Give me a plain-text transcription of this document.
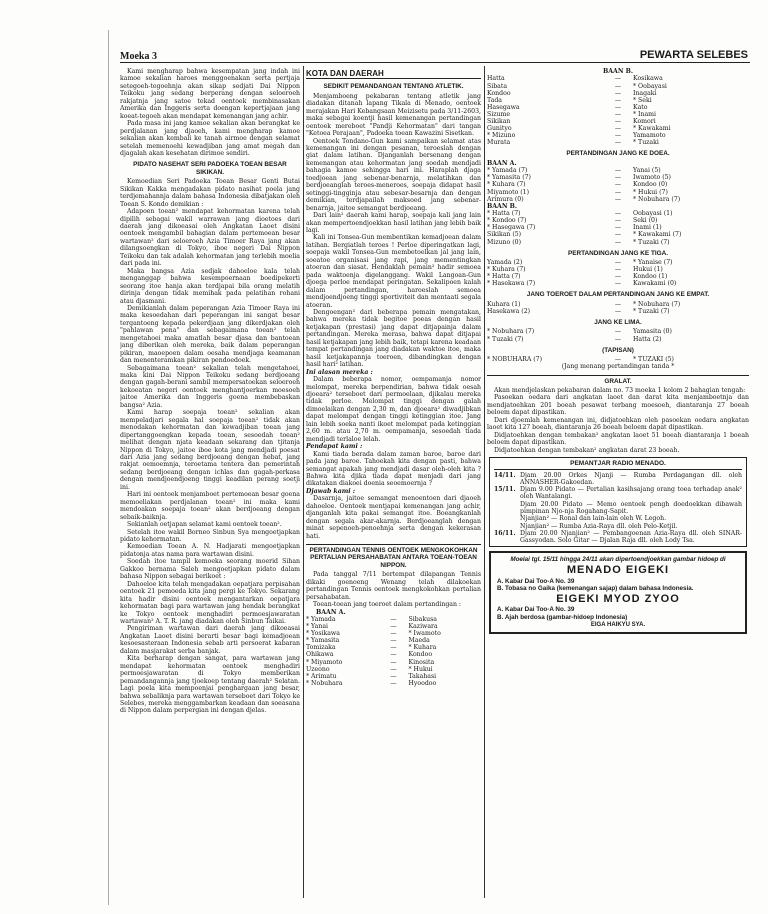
Moeka 3	PEWARTA SELEBES

Kami mengharap bahwa kesempatan jang indah ini kamoe sekalian haroes menggoenakan serta pertjaja setegoeh-tegoehnja akan sikap sedjati Dai Nippon Teikoku jang sedang berperang dengan seloeroeh rakjatnja jang satoe tekad oentoek membinasakan Amerika dan Inggeris serta doengan kepertjajaan jang koeat-tegoeh akan mendapat kemenangan jang achir.

Pada masa ini jang kamoe sekalian akan berangkat ke perdjalanan jang djaoeh, kami mengharap kamoe sekalian akan kembali ke tanah airmoe dengan selamat setelah memenoehi kewadjiban jang amat megah dan djagalah akan kesehatan dirimoe sendiri.

PIDATO NASEHAT SERI PADOEKA TOEAN BESAR SIKIKAN.

Kemoedian Seri Padoeka Toean Besar Genti Butai Sikikan Kakka mengadakan pidato nasihat poela jang terdjemahannja dalam bahasa Indonesia dibatjakan oleh Toean S. Kondo demikian :

Adapoen toean² mendapat kehormatan karena telah dipilih sebagai wakil warrawan jang dioetoes dari daerah jang dikoeasai oleh Angkatan Laoet disini oentoek mengambil bahagian dalam pertemoean besar wartawan² dari seloeroeh Azia Timoer Raya jang akan dilangsoengkan di Tokyo, iboe negeri Dai Nippon Teikoku dan tak adalah kehormatan jang terlebih moelia dari pada ini.

Maka bangsa Azia sedjak dahoeloe kala telah menganggap bahwa kesempoernaan boedipekerti seorang itoe hanja akan terdjapai bila orang melatih dirinja dengan tidak memihak pada pelatihan rohani atau djasmani.

Demikianlah dalam peperangan Azia Timoer Raya ini maka kesoedahan dari peperangan ini sangat besar tergantoeng kepada pekerdjaan jang dikerdjakan oleh "pahlawan pena" dan sebagaimana toean² telah mengetahoei maka amatlah besar djasa dan bantoean jang diberikan oleh mereka, baik dalam peperangan pikiran, maoepoen dalam oesaha mendjaga keamanan dan menenteramkan pikiran pendoedoek.

Sebagaimana toean² sekalian telah mengetahoei, maka kini Dai Nippon Teikoku sedang berdjoeang dengan gagah-berani sambil mempersatoekan seloeroeh kekoeatan negeri oentoek menghantjoerkan moesoeh jaitoe Amerika dan Inggeris goena membebaskan bangsa² Azia.

Kami harap soepaja toean² sekalian akan mempeladjari segala hal soepaja toean² tidak akan menodakan kehormatan dan kewadjiban toean jang dipertanggoengkan kepada toean, sesoedah toean² melihat dengan njata keadaan sekarang dan tjitanja Nippon di Tokyo, jaitoe iboe kota jang mendjadi poesat dari Azia jang sedang berdjoeang dengan hebat, jang rakjat oemoemnja, teroetama tentera dan pemerintah sedang berdjoeang dengan ichlas dan gagah-perkasa dengan mendjoendjoeng tinggi keadilan perang soetji ini.

Hari ini oentoek menjamboet pertemoean besar goena memoeliakan perdjalanan toean² ini maka kami mendoakan soepaja toean² akan berdjoeang dengan sebaik-baiknja.

Sekianlah oetjapan selamat kami oentoek toean².

Setelah itoe wakil Borneo Sinbun Sya mengoetjapkan pidato kehormatan.

Kemoedian Toean A. N. Hadjarati mengoetjapkan pidatonja atas nama para wartawan disini.

Soedah itoe tampil kemoeka seorang moerid Sihan Gakkoo bernama Saleh mengoetjapkan pidato dalam bahasa Nippon sebagai berikoet :

Dahoeloe kita telah mengadakan oepatjara perpisahan oentoek 21 pemoeda kita jang pergi ke Tokyo. Sekarang kita hadir disini oentoek mengantarkan oepatjara kehormatan bagi para wartawan jang hendak berangkat ke Tokyo oentoek menghadiri permoesjawaratan wartawan² A. T. R. jang diadakan oleh Sinbun Taikai.

Pengiriman wartawan dari daerah jang dikoeasai Angkatan Laoet disini berarti besar bagi kemadjoean kesoesasteraan Indonesia sebab arti persoerat kabaran dalam masjarakat serba banjak.

Kita berharap dengan sangat, para wartawan jang mendapat kehormatan oentoek menghadiri permoesjawaratan di Tokyo memberikan pemandangannja jang tjoekoep tentang daerah² Selatan. Lagi poela kita mempoenjai penghargaan jang besar, bahwa sebaliknja para wartawan tersebоet dari Tokyo ke Selebes, mereka menggambarkan keadaan dan soeasana di Nippon dalam perpergian ini dengan djelas.

KOTA DAN DAERAH
SEDIKIT PEMANDANGAN TENTANG ATLETIK.

Menjamboeng pekabaran tentang atletik jang diadakan ditanah lapang Tikala di Menado, oentoek merajakan Hari Kebangsaan Meizisetu pada 3/11-2603, maka sebagai koentji hasil kemenangan pertandingan oentoek mereboet "Pandji Kehormatan" dari tangan "Ketoea Perajaan", Padoeka toean Kawazini Sisetkan.

Oentoek Tondano-Gun kami sampaikan selamat atas kemenangan ini dengan pesanan, teroeslah dengan giat dalam latihan. Djanganlah bersenang dengan kemenangan atau kehormatan jang soedah mendjadi bahagia kamoe sehingga hari ini. Haraplah djaga toedjoean jang sebenar-benarnja, melatihkan dan berdjoeanglah teroes-meneroes, soepaja didapat hasil setinggi-tingginja atau sebesar-besarnja dan dengan demikian, terdjapailah maksoed jang sebenar-benarnja, jaitoe semangat berdjoeang.

Dari lain² daerah kami harap, soepaja kali jang lain akan mempertoendjoekkan hasil latihan jang lebih baik lagi.

Kali ini Tonsea-Gun membentikan kemadjoean dalam latihan. Bergiatlah teroes ! Perloe diperingatkan lagi, soepaja wakil Tonsea-Gun membetoelkan jal jang lain, soeatoe organisasi jang rapi, jang mementingkan atoeran dan siasat. Hendaklah pemain² hadir semoea pada waktoenja digelanggang. Wakil Langoan-Gun djoega perloe mendapat peringatan. Sekalipoen kalah dalam pertandingan, haroeslah semoea mendjoendjoeng tinggi sportiviteit dan mentaati segala atoeran.

Dengoengan² dari beberapa pemain mengatakan, bahwa mereka tidak begitoe poeas dengan hasil ketjakapan (prestasi) jang dapat ditjapainja dalam pertandingan. Mereka merasa, bahwa dapat ditjapai hasil ketjakapan jang lebih baik, tetapi karena keadaan tempat pertandingan jang diadakan waktoe itoe, maka hasil ketjakapannja toeroen, dibandingkan dengan hasil hari² latihan.

Ini alasan mereka :

Dalam beberapa nomor, oempamanja nomor melompat, mereka berpendirian, bahwa tidak oesah djoeara² tersebоet dari permoelaan, djikalau mereka tidak perloe. Melompat tinggi dengan galah dimoelaikan dengan 2,30 m, dan djoeara² diwadjibkan dapat melompat dengan tinggi ketinggian itoe. Jang lain lebih soeka nanti ikoet melompat pada ketinggian 2,60 m. atau 2,70 m. oempamanja, sesoedah tiada mendjadi terlaloe lelah.

Pendapat kami :

Kami tiada berada dalam zaman baroe, baroe dari pada jang baroe. Tahoekah kita dengan pasti, bahwa semangat apakah jang mendjadi dasar oleh-oleh kita ? Bahwa kita djika tiada dapat menjadi dari jang dikatakan diakoei doenia seoemoernja ?

Djawab kami :

Dasarnja, jaitoe semangat menoentoen dari djaoeh dahoeloe. Oentoek mentjapai kemenangan jang achir, djanganlah kita pakai semangat itoe. Boeangkanlah dengan segala akar-akarnja. Berdjoeanglah dengan minat sepenoeh-penoehnja serta dengan kekerasan hati.

PERTANDINGAN TENNIS OENTOEK MENGKOKOHKAN PERTALIAN PERSAHABATAN ANTARA TOEAN-TOEAN NIPPON.

Pada tanggal 7/11 bertempat dilapangan Tennis dikaki goenoeng Wenang telah dilakoekan pertandingan Tennis oentoek mengkokohkan pertalian persahabatan.

Toean-toean jang toeroet dalam pertandingan :

BAAN A.
* Yamada	—	Sibakusa
* Yanai	—	Kaziwara
* Yosikawa	—	* Iwamoto
* Yamasita	—	Maeda
Tomizaka	—	* Kuhara
Ohikawa	—	Kondoo
* Miyamoto	—	Kinosita
Uzeono	—	* Hukui
* Arimatu	—	Takahasi
* Nobuhara	—	Hyoodoo
BAAN B.
Hatta	—	Kosikawa
Sibata	—	* Oobayasi
Kondoo	—	Inagaki
Tada	—	* Seki
Hasegawa	—	Kato
Sizume	—	* Inami
Sikikan	—	Komori
Gunityo	—	* Kawakami
* Mizuno	—	Yamamoto
Murata	—	* Tuzaki
PERTANDINGAN JANG KE DOEA.
BAAN A.
* Yamada (7)	—	Yanai (5)
* Yamasita (7)	—	Iwamoto (5)
* Kuhara (7)	—	Kondoo (0)
Miyamoto (1)	—	* Hukui (7)
Arimura (0)	—	* Nobuhara (7)
BAAN B.
* Hatta (7)	—	Oobayasi (1)
* Kondoo (7)	—	Seki (0)
* Hasegawa (7)	—	Inami (1)
Sikikan (5)	—	* Kawakami (7)
Mizuno (0)	—	* Tuzaki (7)
PERTANDINGAN JANG KE TIGA.
Yamada (2)	—	* Yanaise (7)
* Kuhara (7)	—	Hukui (1)
* Hatta (7)	—	Kondoo (1)
* Hasekawa (7)	—	Kawakami (0)
JANG TOEROET DALAM PERTANDINGAN JANG KE EMPAT.
Kuhara (1)	—	* Nobuhara (7)
Hasekawa (2)	—	* Tuzaki (7)
JANG KE LIMA.
* Nobuhara (7)	—	Yamasita (0)
* Tuzaki (7)	—	Hatta (2)
(TAPISAN)
* NOBUHARA (7)	—	* TUZAKI (5)

(Jang menang pertandingan tanda *

GRALAT.

Akan mendjelaskan pekabaran dalam no. 73 moeka 1 kolom 2 bahagian tengah:

Pasoekan oedara dari angkatan laoet dan darat kita menjamboetnja dan mendjatoehkan 201 boeah pesawat terbang moesoeh, diantaranja 27 boeah beloem dapat dipastikan.

Dari djoemlah kemenangan ini, didjatoehkan oleh pasoekan oedara angkatan laoet kita 127 boeah, diantaranja 26 boeah beloem dapat dipastikan.

Didjatoehkan dengan tembakan² angkatan laoet 51 boeah diantaranja 1 boeah beloem dapat dipastikan.

Didjatoehkan dengan tembakan² angkatan darat 23 boeah.

PEMANTJAR RADIO MENADO.
14/11. Djam 20.00 Orkes Njanji — Rumba Perdagangan dll. oleh ANNASHER-Gakoedan.
15/11. Djam 9.00 Pidato — Pertalian kasihsajang orang toea terhadap anak² oleh Wantalangi.
Djam 20.00 Pidato — Memo oentoek pengh doedoekkan dibawah pimpinan Njo-nja Rogahang-Sapit.
Njanjian² — Ronal dan lain-lain oleh W. Legoh.
Njanjian² — Rumba Azia-Raya dll. oleh Pelo-Ketjil.
16/11. Djam 20.00 Njanjian² — Pembangoenan Azia-Raya dll. oleh SINAR-Gassyodan. Solo Gitar — Djalan Raja dll. oleh Lody Tsa.
Moelai tgl. 15/11 hingga 24/11 akan dipertoendjoekkan gambar hidoep di
MENADO EIGEKI
A. Kabar Dai Too-A No. 39
B. Tobasa no Gaika (kemenangan sajap) dalam bahasa Indonesia.
EIGEKI MYOD ZYOO
A. Kabar Dai Too-A No. 39
B. Ajah berdosa (gambar-hidoep Indonesia)
EIGA HAIKYU SYA.
